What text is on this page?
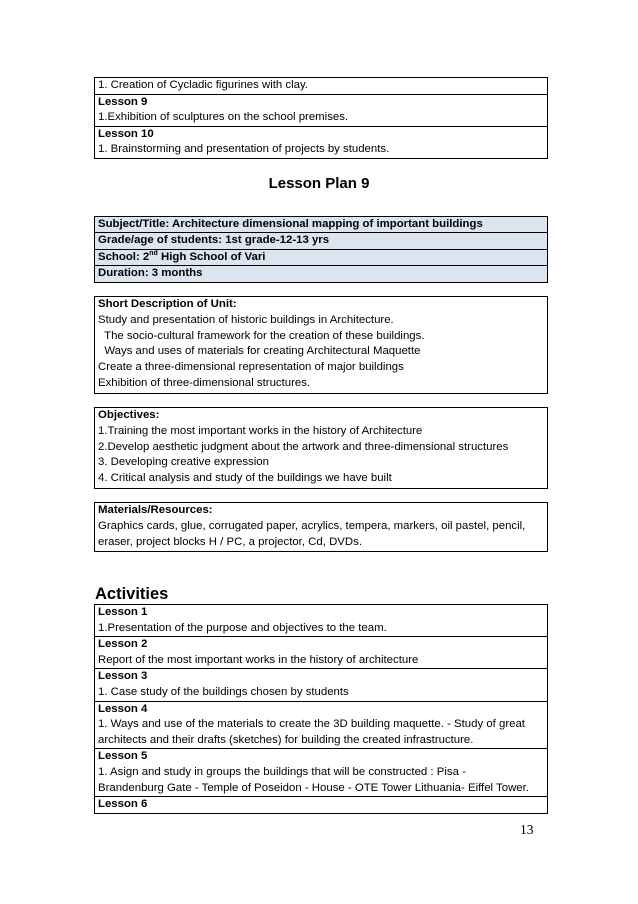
1. Creation of Cycladic figurines with clay.
Lesson 9
1.Exhibition of sculptures on the school premises.
Lesson 10
1. Brainstorming and presentation of projects by students.
Lesson Plan 9
Subject/Title: Architecture dimensional mapping of important buildings
Grade/age of students: 1st grade-12-13 yrs
School: 2nd High School of Vari
Duration: 3 months
Short Description of Unit:
Study and presentation of historic buildings in Architecture.
The socio-cultural framework for the creation of these buildings.
Ways and uses of materials for creating Architectural Maquette
Create a three-dimensional representation of major buildings
Exhibition of three-dimensional structures.
Objectives:
1.Training the most important works in the history of Architecture
2.Develop aesthetic judgment about the artwork and three-dimensional structures
3. Developing creative expression
4. Critical analysis and study of the buildings we have built
Materials/Resources:
Graphics cards, glue, corrugated paper, acrylics, tempera, markers, oil pastel, pencil,
eraser, project blocks H / PC, a projector, Cd, DVDs.
Activities
Lesson 1
1.Presentation of the purpose and objectives to the team.
Lesson 2
Report of the most important works in the history of architecture
Lesson 3
1. Case study of the buildings chosen by students
Lesson 4
1. Ways and use of the materials to create the 3D building maquette. - Study of great
architects and their drafts (sketches) for building the created infrastructure.
Lesson 5
1. Asign and study in groups the buildings that will be constructed : Pisa -
Brandenburg Gate - Temple of Poseidon - House - OTE Tower Lithuania- Eiffel Tower.
Lesson 6
13
